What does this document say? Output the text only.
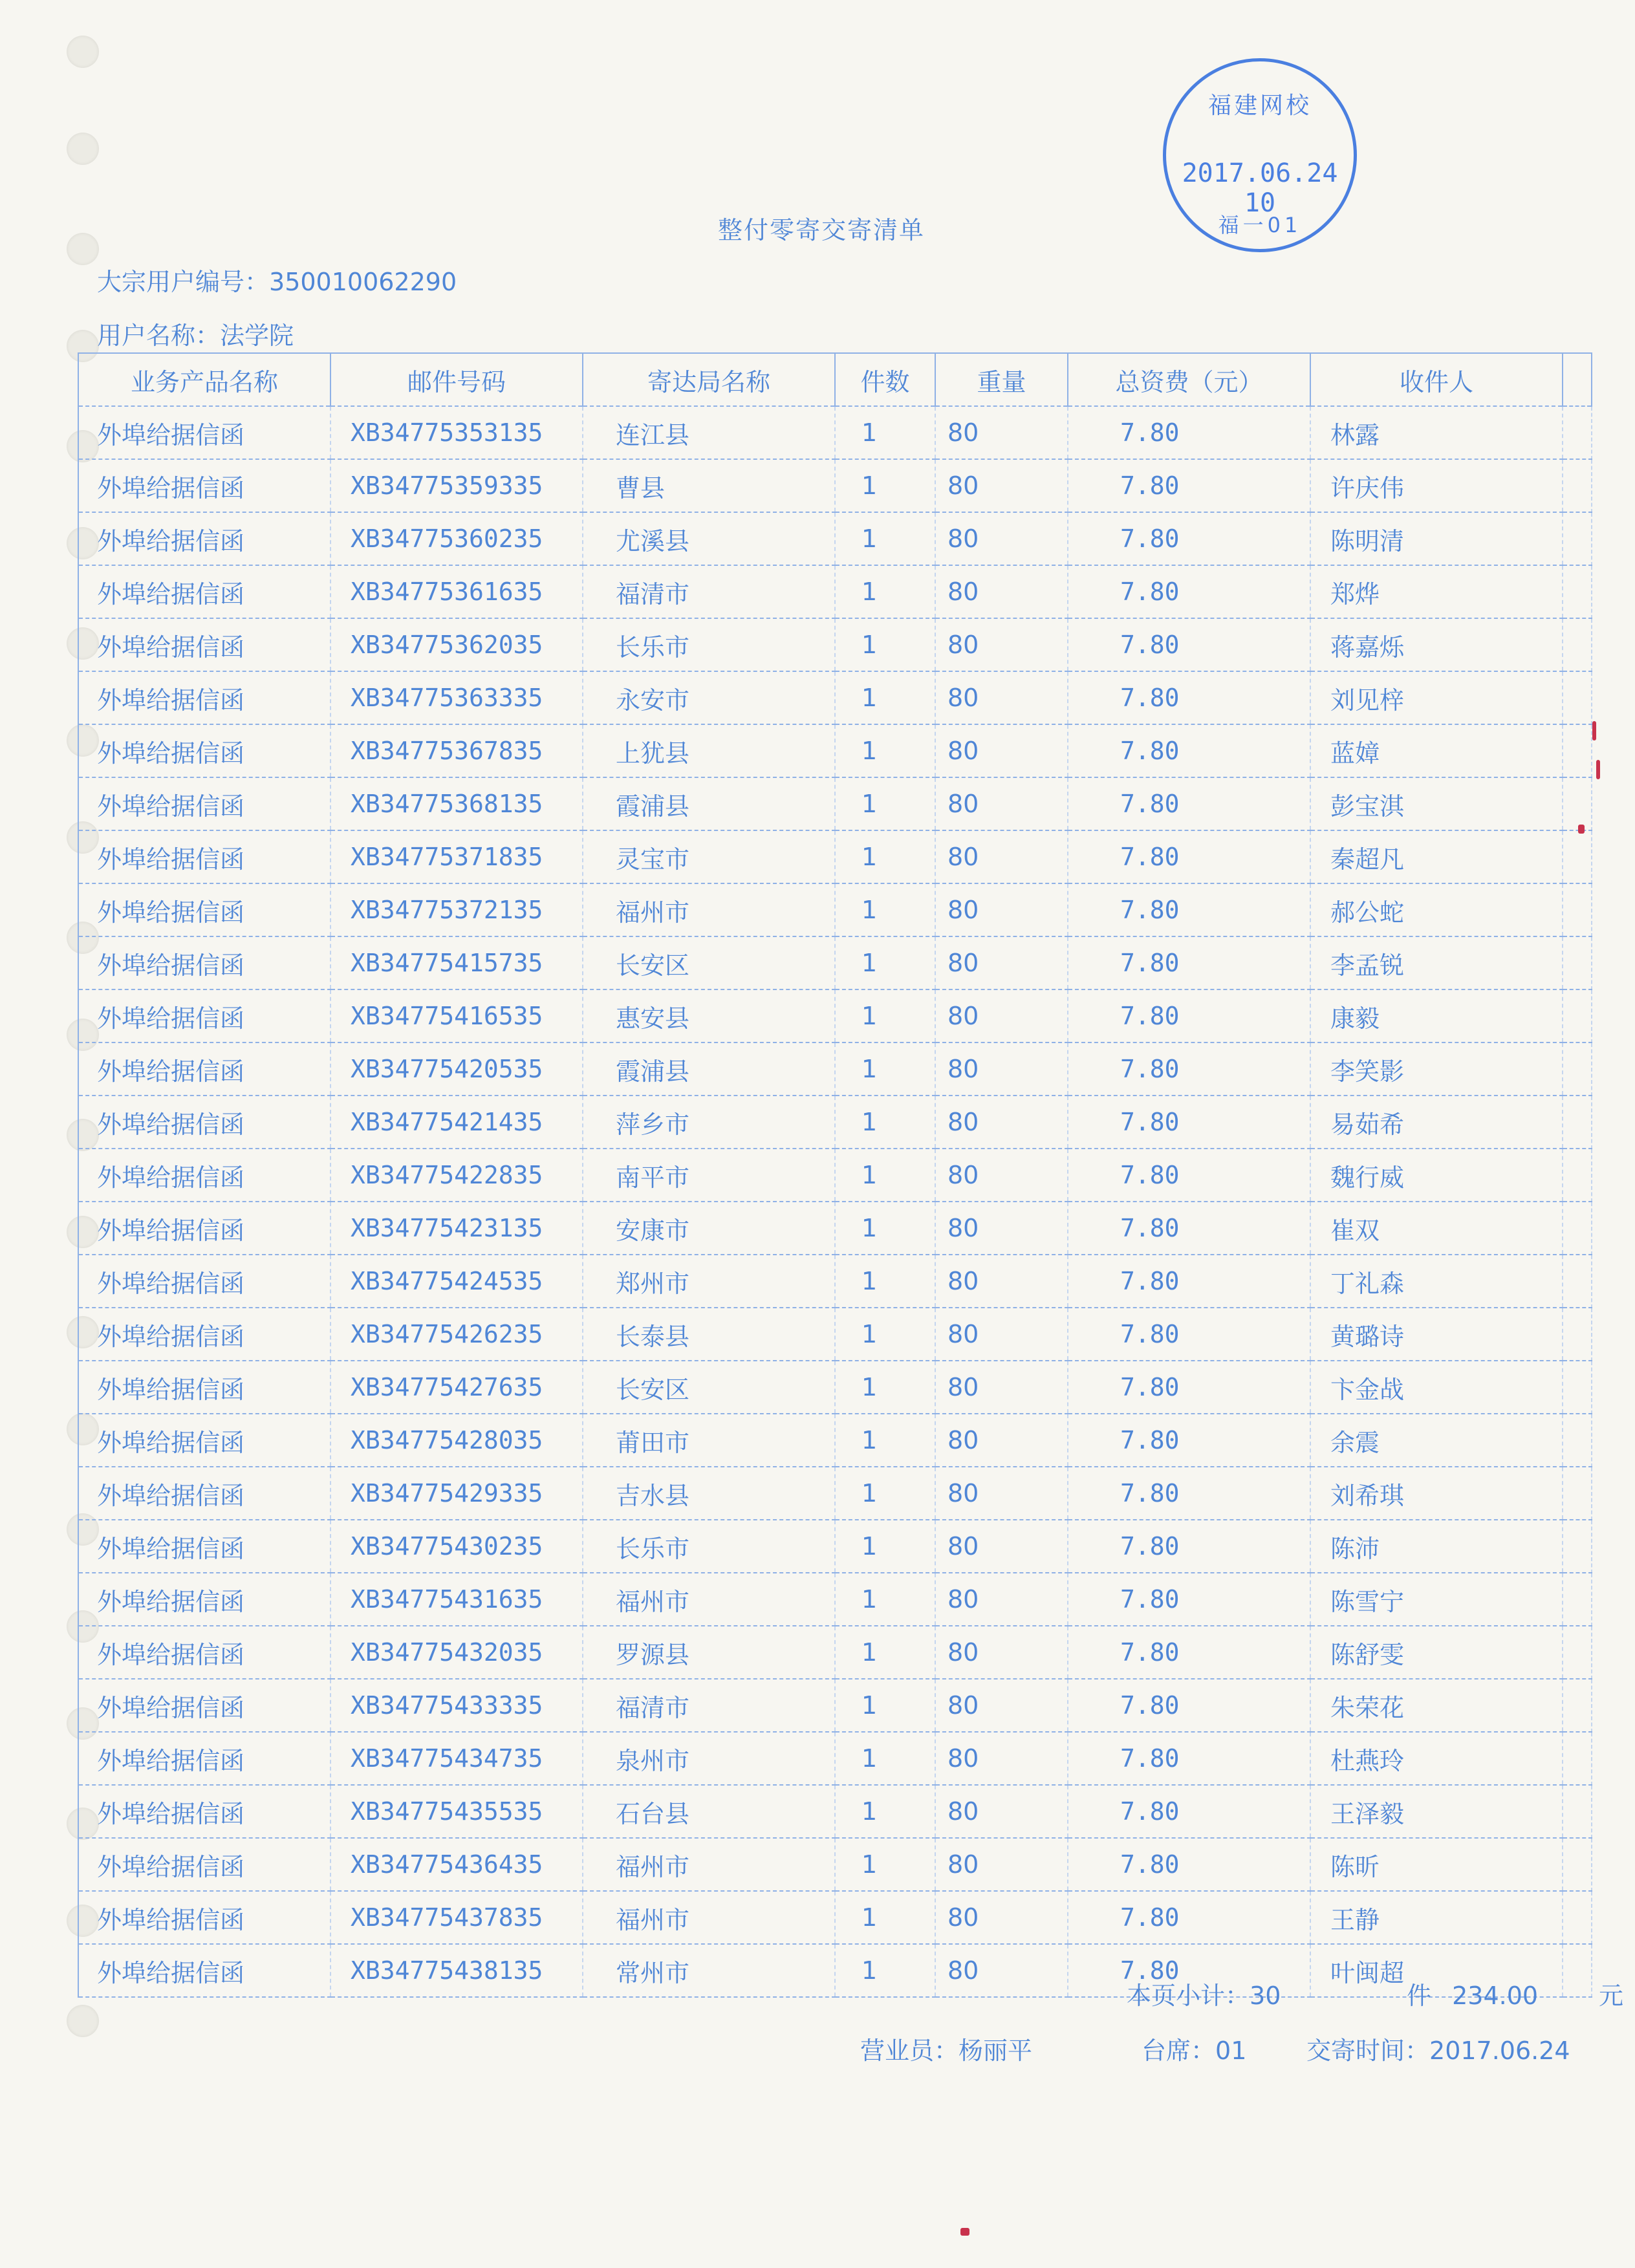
福建网校
2017.06.24 10
福一01
整付零寄交寄清单
大宗用户编号：350010062290
用户名称：法学院
业务产品名称	邮件号码	寄达局名称	件数	重量	总资费（元）	收件人	
外埠给据信函	XB34775353135	连江县	1	80	7.80	林露	
外埠给据信函	XB34775359335	曹县	1	80	7.80	许庆伟	
外埠给据信函	XB34775360235	尤溪县	1	80	7.80	陈明清	
外埠给据信函	XB34775361635	福清市	1	80	7.80	郑烨	
外埠给据信函	XB34775362035	长乐市	1	80	7.80	蒋嘉烁	
外埠给据信函	XB34775363335	永安市	1	80	7.80	刘见梓	
外埠给据信函	XB34775367835	上犹县	1	80	7.80	蓝嫜	
外埠给据信函	XB34775368135	霞浦县	1	80	7.80	彭宝淇	
外埠给据信函	XB34775371835	灵宝市	1	80	7.80	秦超凡	
外埠给据信函	XB34775372135	福州市	1	80	7.80	郝公蛇	
外埠给据信函	XB34775415735	长安区	1	80	7.80	李孟锐	
外埠给据信函	XB34775416535	惠安县	1	80	7.80	康毅	
外埠给据信函	XB34775420535	霞浦县	1	80	7.80	李笑影	
外埠给据信函	XB34775421435	萍乡市	1	80	7.80	易茹希	
外埠给据信函	XB34775422835	南平市	1	80	7.80	魏行威	
外埠给据信函	XB34775423135	安康市	1	80	7.80	崔双	
外埠给据信函	XB34775424535	郑州市	1	80	7.80	丁礼森	
外埠给据信函	XB34775426235	长泰县	1	80	7.80	黄璐诗	
外埠给据信函	XB34775427635	长安区	1	80	7.80	卞金战	
外埠给据信函	XB34775428035	莆田市	1	80	7.80	余震	
外埠给据信函	XB34775429335	吉水县	1	80	7.80	刘希琪	
外埠给据信函	XB34775430235	长乐市	1	80	7.80	陈沛	
外埠给据信函	XB34775431635	福州市	1	80	7.80	陈雪宁	
外埠给据信函	XB34775432035	罗源县	1	80	7.80	陈舒雯	
外埠给据信函	XB34775433335	福清市	1	80	7.80	朱荣花	
外埠给据信函	XB34775434735	泉州市	1	80	7.80	杜燕玲	
外埠给据信函	XB34775435535	石台县	1	80	7.80	王泽毅	
外埠给据信函	XB34775436435	福州市	1	80	7.80	陈昕	
外埠给据信函	XB34775437835	福州市	1	80	7.80	王静	
外埠给据信函	XB34775438135	常州市	1	80	7.80	叶闽超	
本页小计：30	件 234.00 元
营业员：杨丽平	台席：01 交寄时间：2017.06.24
